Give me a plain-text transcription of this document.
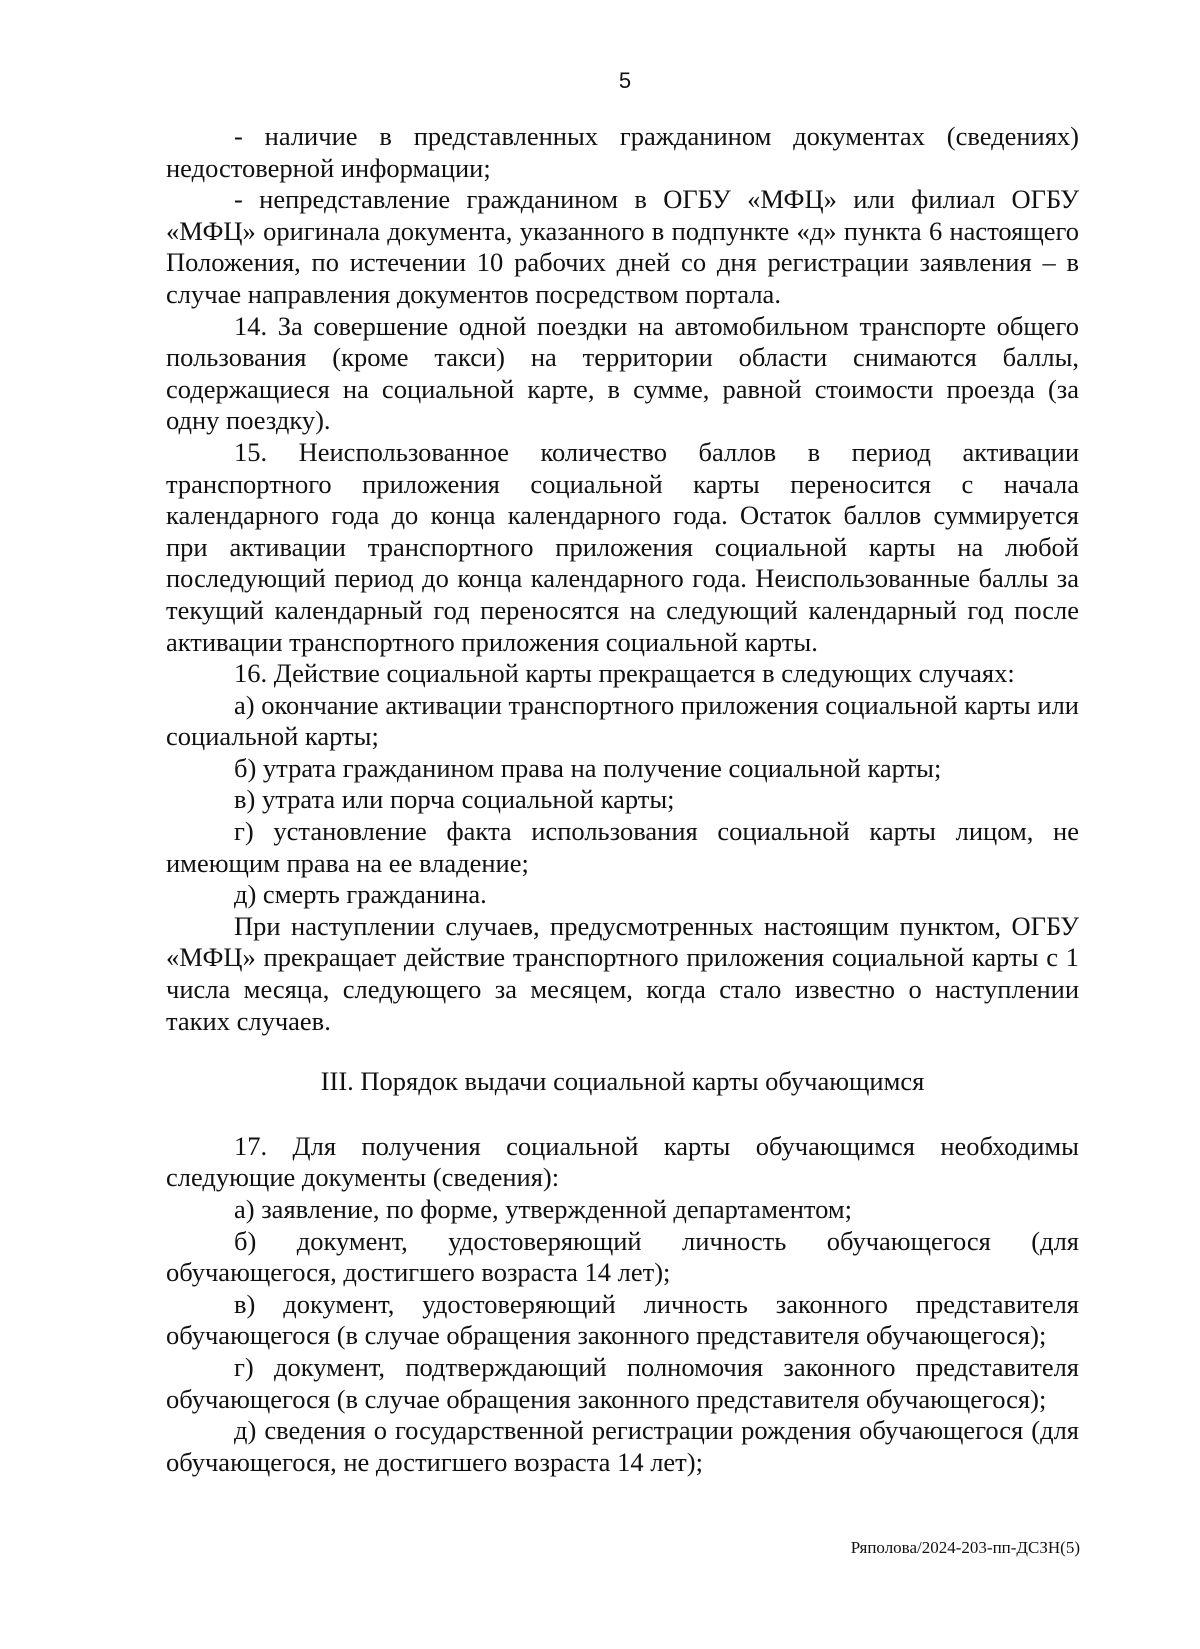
5

- наличие в представленных гражданином документах (сведениях) недостоверной информации;

- непредставление гражданином в ОГБУ «МФЦ» или филиал ОГБУ «МФЦ» оригинала документа, указанного в подпункте «д» пункта 6 настоящего Положения, по истечении 10 рабочих дней со дня регистрации заявления – в случае направления документов посредством портала.

14. За совершение одной поездки на автомобильном транспорте общего пользования (кроме такси) на территории области снимаются баллы, содержащиеся на социальной карте, в сумме, равной стоимости проезда (за одну поездку).

15. Неиспользованное количество баллов в период активации транспортного приложения социальной карты переносится с начала календарного года до конца календарного года. Остаток баллов суммируется при активации транспортного приложения социальной карты на любой последующий период до конца календарного года. Неиспользованные баллы за текущий календарный год переносятся на следующий календарный год после активации транспортного приложения социальной карты.

16. Действие социальной карты прекращается в следующих случаях:

а) окончание активации транспортного приложения социальной карты или социальной карты;

б) утрата гражданином права на получение социальной карты;

в) утрата или порча социальной карты;

г) установление факта использования социальной карты лицом, не имеющим права на ее владение;

д) смерть гражданина.

При наступлении случаев, предусмотренных настоящим пунктом, ОГБУ «МФЦ» прекращает действие транспортного приложения социальной карты с 1 числа месяца, следующего за месяцем, когда стало известно о наступлении таких случаев.

III. Порядок выдачи социальной карты обучающимся

17. Для получения социальной карты обучающимся необходимы следующие документы (сведения):

а) заявление, по форме, утвержденной департаментом;

б) документ, удостоверяющий личность обучающегося (для обучающегося, достигшего возраста 14 лет);

в) документ, удостоверяющий личность законного представителя обучающегося (в случае обращения законного представителя обучающегося);

г) документ, подтверждающий полномочия законного представителя обучающегося (в случае обращения законного представителя обучающегося);

д) сведения о государственной регистрации рождения обучающегося (для обучающегося, не достигшего возраста 14 лет);

Ряполова/2024-203-пп-ДСЗН(5)
